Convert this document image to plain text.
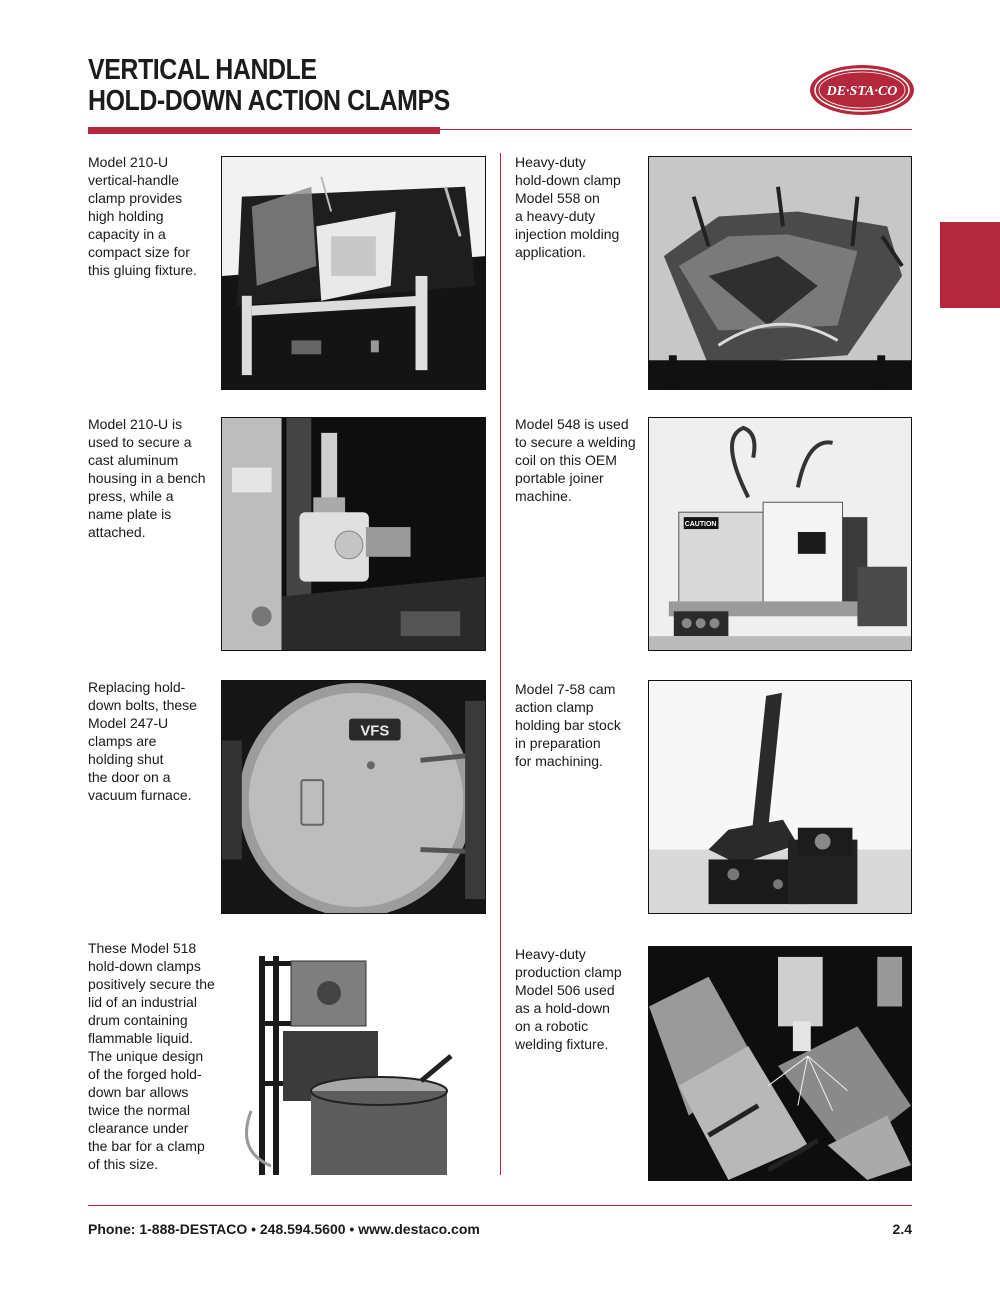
VERTICAL HANDLE
HOLD-DOWN ACTION CLAMPS	DE·STA·CO

Model 210-U
vertical-handle
clamp provides
high holding
capacity in a
compact size for
this gluing fixture.

Model 210-U is
used to secure a
cast aluminum
housing in a bench
press, while a
name plate is
attached.

Replacing hold-
down bolts, these
Model 247-U
clamps are
holding shut
the door on a
vacuum furnace.

These Model 518
hold-down clamps
positively secure the
lid of an industrial
drum containing
flammable liquid.
The unique design
of the forged hold-
down bar allows
twice the normal
clearance under
the bar for a clamp
of this size.

Heavy-duty
hold-down clamp
Model 558 on
a heavy-duty
injection molding
application.

Model 548 is used
to secure a welding
coil on this OEM
portable joiner
machine.

Model 7-58 cam
action clamp
holding bar stock
in preparation
for machining.

Heavy-duty
production clamp
Model 506 used
as a hold-down
on a robotic
welding fixture.

VFS
CAUTION
Phone: 1-888-DESTACO • 248.594.5600 • www.destaco.com	2.4
